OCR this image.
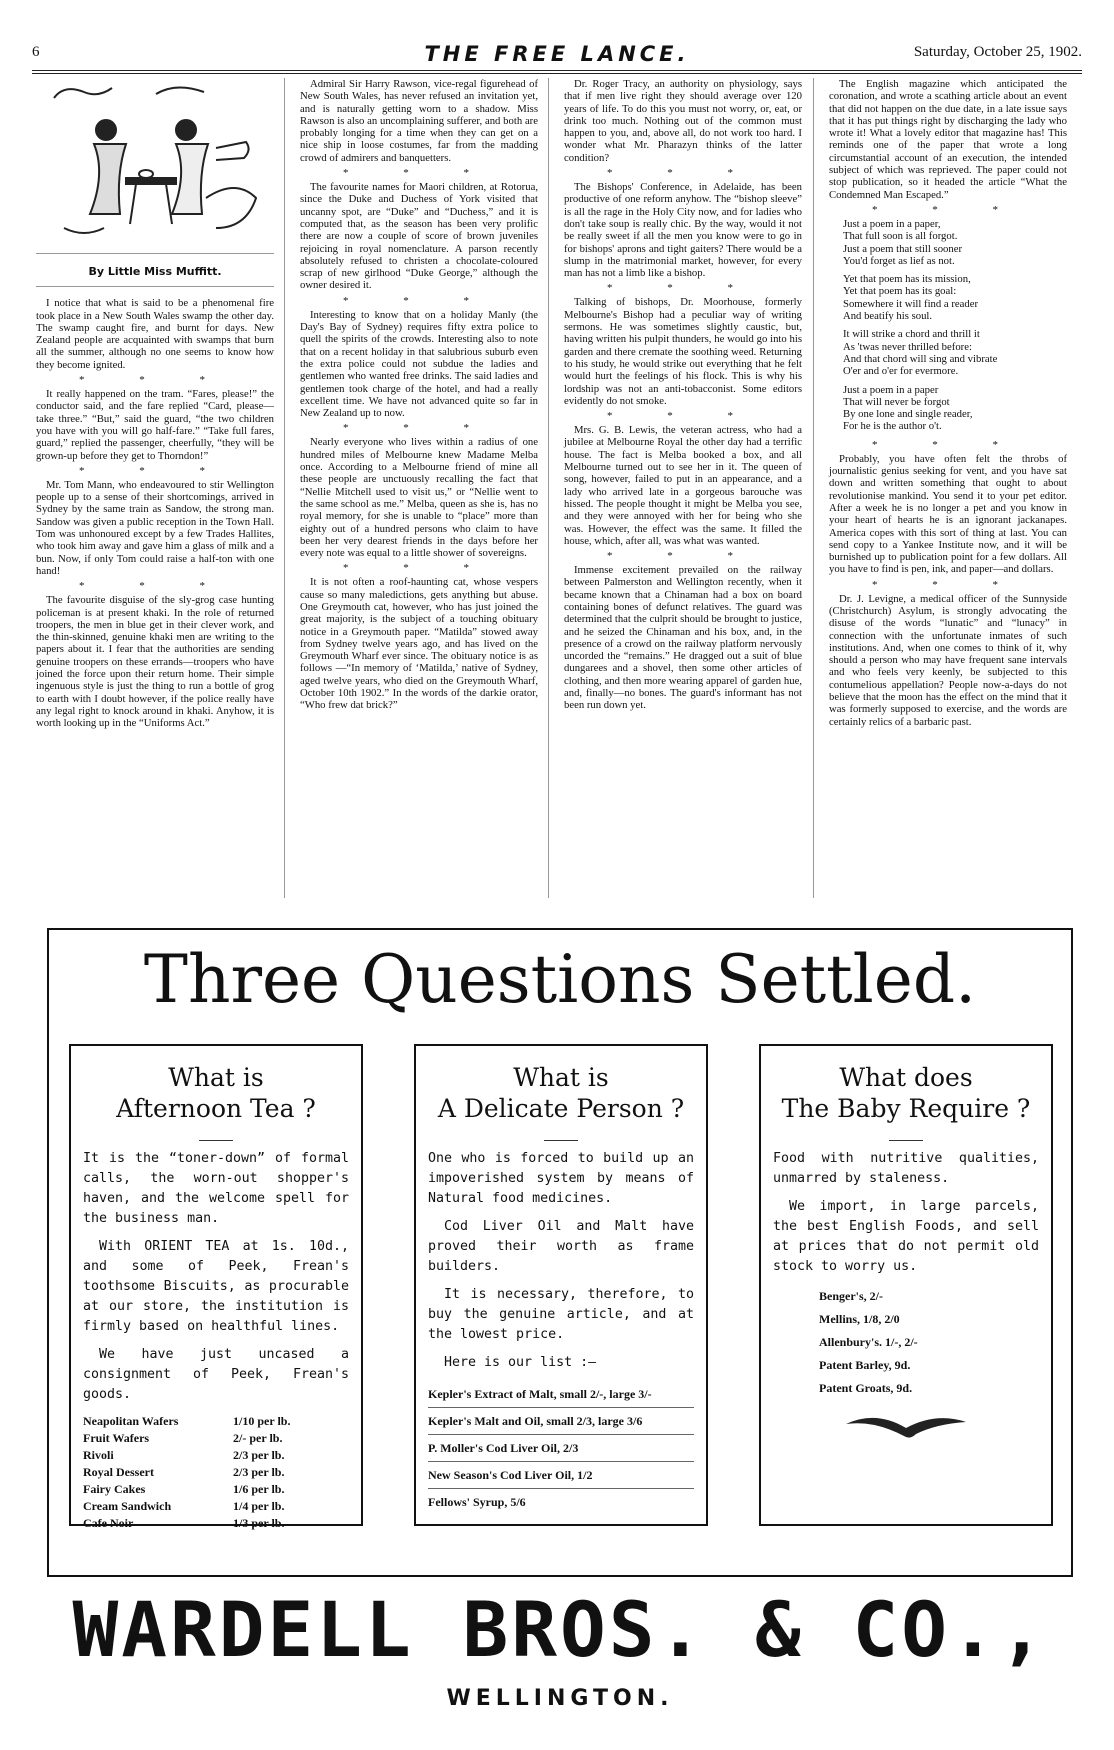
6	THE FREE LANCE.	Saturday, October 25, 1902.
By Little Miss Muffitt.

I notice that what is said to be a phenomenal fire took place in a New South Wales swamp the other day. The swamp caught fire, and burnt for days. New Zealand people are acquainted with swamps that burn all the summer, although no one seems to know how they become ignited.

* * *

It really happened on the tram. “Fares, please!” the conductor said, and the fare replied “Card, please—take three.” “But,” said the guard, “the two children you have with you will go half-fare.” “Take full fares, guard,” replied the passenger, cheerfully, “they will be grown-up before they get to Thorndon!”

* * *

Mr. Tom Mann, who endeavoured to stir Wellington people up to a sense of their shortcomings, arrived in Sydney by the same train as Sandow, the strong man. Sandow was given a public reception in the Town Hall. Tom was unhonoured except by a few Trades Hallites, who took him away and gave him a glass of milk and a bun. Now, if only Tom could raise a half-ton with one hand!

* * *

The favourite disguise of the sly-grog case hunting policeman is at present khaki. In the role of returned troopers, the men in blue get in their clever work, and the thin-skinned, genuine khaki men are writing to the papers about it. I fear that the authorities are sending genuine troopers on these errands—troopers who have joined the force upon their return home. Their simple ingenuous style is just the thing to run a bottle of grog to earth with I doubt however, if the police really have any legal right to knock around in khaki. Anyhow, it is worth looking up in the “Uniforms Act.”

Admiral Sir Harry Rawson, vice-regal figurehead of New South Wales, has never refused an invitation yet, and is naturally getting worn to a shadow. Miss Rawson is also an uncomplaining sufferer, and both are probably longing for a time when they can get on a nice ship in loose costumes, far from the madding crowd of admirers and banquetters.

* * *

The favourite names for Maori children, at Rotorua, since the Duke and Duchess of York visited that uncanny spot, are “Duke” and “Duchess,” and it is computed that, as the season has been very prolific there are now a couple of score of brown juveniles rejoicing in royal nomenclature. A parson recently absolutely refused to christen a chocolate-coloured scrap of new girlhood “Duke George,” although the owner desired it.

* * *

Interesting to know that on a holiday Manly (the Day's Bay of Sydney) requires fifty extra police to quell the spirits of the crowds. Interesting also to note that on a recent holiday in that salubrious suburb even the extra police could not subdue the ladies and gentlemen who wanted free drinks. The said ladies and gentlemen took charge of the hotel, and had a really excellent time. We have not advanced quite so far in New Zealand up to now.

* * *

Nearly everyone who lives within a radius of one hundred miles of Melbourne knew Madame Melba once. According to a Melbourne friend of mine all these people are unctuously recalling the fact that “Nellie Mitchell used to visit us,” or “Nellie went to the same school as me.” Melba, queen as she is, has no royal memory, for she is unable to “place” more than eighty out of a hundred persons who claim to have been her very dearest friends in the days before her every note was equal to a little shower of sovereigns.

* * *

It is not often a roof-haunting cat, whose vespers cause so many maledictions, gets anything but abuse. One Greymouth cat, however, who has just joined the great majority, is the subject of a touching obituary notice in a Greymouth paper. “Matilda” stowed away from Sydney twelve years ago, and has lived on the Greymouth Wharf ever since. The obituary notice is as follows —“In memory of ‘Matilda,’ native of Sydney, aged twelve years, who died on the Greymouth Wharf, October 10th 1902.” In the words of the darkie orator, “Who frew dat brick?”

Dr. Roger Tracy, an authority on physiology, says that if men live right they should average over 120 years of life. To do this you must not worry, or, eat, or drink too much. Nothing out of the common must happen to you, and, above all, do not work too hard. I wonder what Mr. Pharazyn thinks of the latter condition?

* * *

The Bishops' Conference, in Adelaide, has been productive of one reform anyhow. The “bishop sleeve” is all the rage in the Holy City now, and for ladies who don't take soup is really chic. By the way, would it not be really sweet if all the men you know were to go in for bishops' aprons and tight gaiters? There would be a slump in the matrimonial market, however, for every man has not a limb like a bishop.

* * *

Talking of bishops, Dr. Moorhouse, formerly Melbourne's Bishop had a peculiar way of writing sermons. He was sometimes slightly caustic, but, having written his pulpit thunders, he would go into his garden and there cremate the soothing weed. Returning to his study, he would strike out everything that he felt would hurt the feelings of his flock. This is why his lordship was not an anti-tobacconist. Some editors evidently do not smoke.

* * *

Mrs. G. B. Lewis, the veteran actress, who had a jubilee at Melbourne Royal the other day had a terrific house. The fact is Melba booked a box, and all Melbourne turned out to see her in it. The queen of song, however, failed to put in an appearance, and a lady who arrived late in a gorgeous barouche was hissed. The people thought it might be Melba you see, and they were annoyed with her for being who she was. However, the effect was the same. It filled the house, which, after all, was what was wanted.

* * *

Immense excitement prevailed on the railway between Palmerston and Wellington recently, when it became known that a Chinaman had a box on board containing bones of defunct relatives. The guard was determined that the culprit should be brought to justice, and he seized the Chinaman and his box, and, in the presence of a crowd on the railway platform nervously uncorded the “remains.” He dragged out a suit of blue dungarees and a shovel, then some other articles of clothing, and then more wearing apparel of garden hue, and, finally—no bones. The guard's informant has not been run down yet.

The English magazine which anticipated the coronation, and wrote a scathing article about an event that did not happen on the due date, in a late issue says that it has put things right by discharging the lady who wrote it! What a lovely editor that magazine has! This reminds one of the paper that wrote a long circumstantial account of an execution, the intended subject of which was reprieved. The paper could not stop publication, so it headed the article “What the Condemned Man Escaped.”

* * *

Just a poem in a paper,
That full soon is all forgot.
Just a poem that still sooner
You'd forget as lief as not.

Yet that poem has its mission,
Yet that poem has its goal:
Somewhere it will find a reader
And beatify his soul.

It will strike a chord and thrill it
As 'twas never thrilled before:
And that chord will sing and vibrate
O'er and o'er for evermore.

Just a poem in a paper
That will never be forgot
By one lone and single reader,
For he is the author o't.

* * *

Probably, you have often felt the throbs of journalistic genius seeking for vent, and you have sat down and written something that ought to about revolutionise mankind. You send it to your pet editor. After a week he is no longer a pet and you know in your heart of hearts he is an ignorant jackanapes. America copes with this sort of thing at last. You can send copy to a Yankee Institute now, and it will be burnished up to publication point for a few dollars. All you have to find is pen, ink, and paper—and dollars.

* * *

Dr. J. Levigne, a medical officer of the Sunnyside (Christchurch) Asylum, is strongly advocating the disuse of the words “lunatic” and “lunacy” in connection with the unfortunate inmates of such institutions. And, when one comes to think of it, why should a person who may have frequent sane intervals and who feels very keenly, be subjected to this contumelious appellation? People now-a-days do not believe that the moon has the effect on the mind that it was formerly supposed to exercise, and the words are certainly relics of a barbaric past.

Three Questions Settled.
What is
Afternoon Tea ?
It is the “toner-down” of formal calls, the worn-out shopper's haven, and the welcome spell for the business man.
With ORIENT TEA at 1s. 10d., and some of Peek, Frean's toothsome Biscuits, as procurable at our store, the institution is firmly based on healthful lines.
We have just uncased a consignment of Peek, Frean's goods.
Neapolitan Wafers	1/10 per lb.
Fruit Wafers	2/- per lb.
Rivoli	2/3 per lb.
Royal Dessert	2/3 per lb.
Fairy Cakes	1/6 per lb.
Cream Sandwich	1/4 per lb.
Cafe Noir	1/3 per lb.
What is
A Delicate Person ?
One who is forced to build up an impoverished system by means of Natural food medicines.
Cod Liver Oil and Malt have proved their worth as frame builders.
It is necessary, therefore, to buy the genuine article, and at the lowest price.
Here is our list :—
Kepler's Extract of Malt, small 2/-, large 3/-
Kepler's Malt and Oil, small 2/3, large 3/6
P. Moller's Cod Liver Oil, 2/3
New Season's Cod Liver Oil, 1/2
Fellows' Syrup, 5/6
What does
The Baby Require ?
Food with nutritive qualities, unmarred by staleness.
We import, in large parcels, the best English Foods, and sell at prices that do not permit old stock to worry us.
Benger's, 2/-
Mellins, 1/8, 2/0
Allenbury's. 1/-, 2/-
Patent Barley, 9d.
Patent Groats, 9d.
WARDELL BROS. & CO.,
WELLINGTON.
